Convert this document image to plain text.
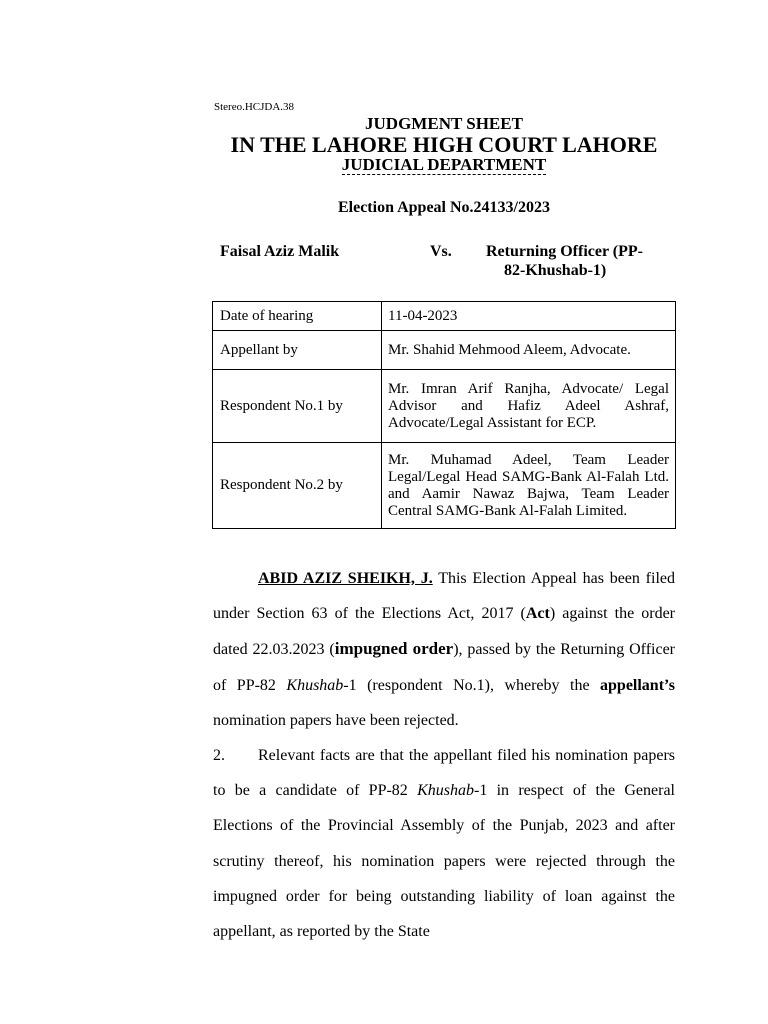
Stereo.HCJDA.38
JUDGMENT SHEET
IN THE LAHORE HIGH COURT LAHORE
JUDICIAL DEPARTMENT
Election Appeal No.24133/2023
Faisal Aziz Malik	Vs. Returning Officer (PP-
82-Khushab-1)
Date of hearing	11-04-2023
Appellant by	Mr. Shahid Mehmood Aleem, Advocate.
Respondent No.1 by	Mr. Imran Arif Ranjha, Advocate/ Legal Advisor and Hafiz Adeel Ashraf, Advocate/Legal Assistant for ECP.
Respondent No.2 by	Mr. Muhamad Adeel, Team Leader Legal/Legal Head SAMG-Bank Al-Falah Ltd. and Aamir Nawaz Bajwa, Team Leader Central SAMG-Bank Al-Falah Limited.

ABID AZIZ SHEIKH, J. This Election Appeal has been filed under Section 63 of the Elections Act, 2017 (Act) against the order dated 22.03.2023 (impugned order), passed by the Returning Officer of PP-82 Khushab-1 (respondent No.1), whereby the appellant’s nomination papers have been rejected.

2. Relevant facts are that the appellant filed his nomination papers to be a candidate of PP-82 Khushab-1 in respect of the General Elections of the Provincial Assembly of the Punjab, 2023 and after scrutiny thereof, his nomination papers were rejected through the impugned order for being outstanding liability of loan against the appellant, as reported by the State
